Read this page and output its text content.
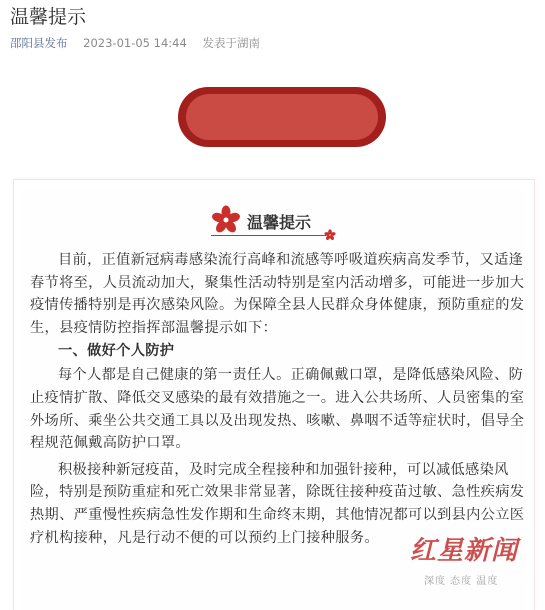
温馨提示
邵阳县发布 2023-01-05 14:44 发表于湖南
温馨提示

目前，正值新冠病毒感染流行高峰和流感等呼吸道疾病高发季节，又适逢春节将至，人员流动加大，聚集性活动特别是室内活动增多，可能进一步加大疫情传播特别是再次感染风险。为保障全县人民群众身体健康，预防重症的发生，县疫情防控指挥部温馨提示如下：

一、做好个人防护

每个人都是自己健康的第一责任人。正确佩戴口罩，是降低感染风险、防止疫情扩散、降低交叉感染的最有效措施之一。进入公共场所、人员密集的室外场所、乘坐公共交通工具以及出现发热、咳嗽、鼻咽不适等症状时，倡导全程规范佩戴高防护口罩。

积极接种新冠疫苗，及时完成全程接种和加强针接种，可以减低感染风险，特别是预防重症和死亡效果非常显著，除既往接种疫苗过敏、急性疾病发热期、严重慢性疾病急性发作期和生命终末期，其他情况都可以到县内公立医疗机构接种，凡是行动不便的可以预约上门接种服务。	红星新闻
深度 态度 温度
